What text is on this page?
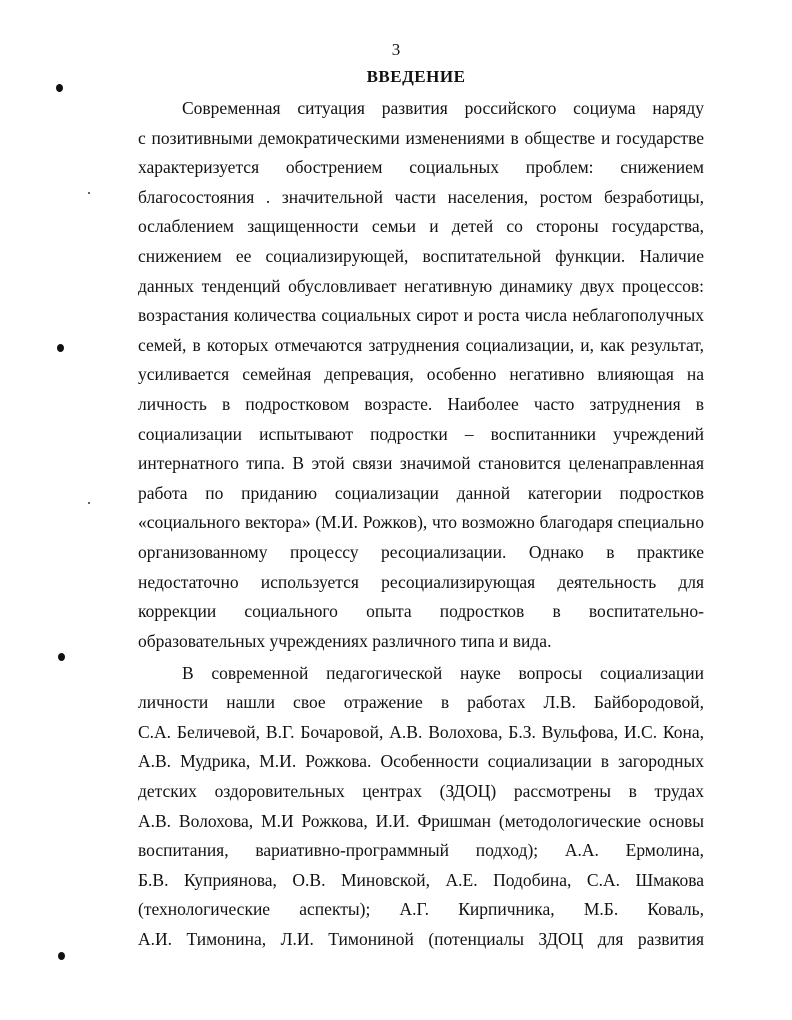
3
ВВЕДЕНИЕ
Современная ситуация развития российского социума наряду
с позитивными демократическими изменениями в обществе и государстве
характеризуется обострением социальных проблем: снижением
благосостояния . значительной части населения, ростом безработицы,
ослаблением защищенности семьи и детей со стороны государства,
снижением ее социализирующей, воспитательной функции. Наличие
данных тенденций обусловливает негативную динамику двух процессов:
возрастания количества социальных сирот и роста числа неблагополучных
семей, в которых отмечаются затруднения социализации, и, как результат,
усиливается семейная депревация, особенно негативно влияющая на
личность в подростковом возрасте. Наиболее часто затруднения в
социализации испытывают подростки – воспитанники учреждений
интернатного типа. В этой связи значимой становится целенаправленная
работа по приданию социализации данной категории подростков
«социального вектора» (М.И. Рожков), что возможно благодаря специально
организованному процессу ресоциализации. Однако в практике
недостаточно используется ресоциализирующая деятельность для
коррекции социального опыта подростков в воспитательно-
образовательных учреждениях различного типа и вида.
В современной педагогической науке вопросы социализации
личности нашли свое отражение в работах Л.В. Байбородовой,
С.А. Беличевой, В.Г. Бочаровой, А.В. Волохова, Б.З. Вульфова, И.С. Кона,
А.В. Мудрика, М.И. Рожкова. Особенности социализации в загородных
детских оздоровительных центрах (ЗДОЦ) рассмотрены в трудах
А.В. Волохова, М.И Рожкова, И.И. Фришман (методологические основы
воспитания, вариативно-программный подход); А.А. Ермолина,
Б.В. Куприянова, О.В. Миновской, А.Е. Подобина, С.А. Шмакова
(технологические аспекты); А.Г. Кирпичника, М.Б. Коваль,
А.И. Тимонина, Л.И. Тимониной (потенциалы ЗДОЦ для развития
